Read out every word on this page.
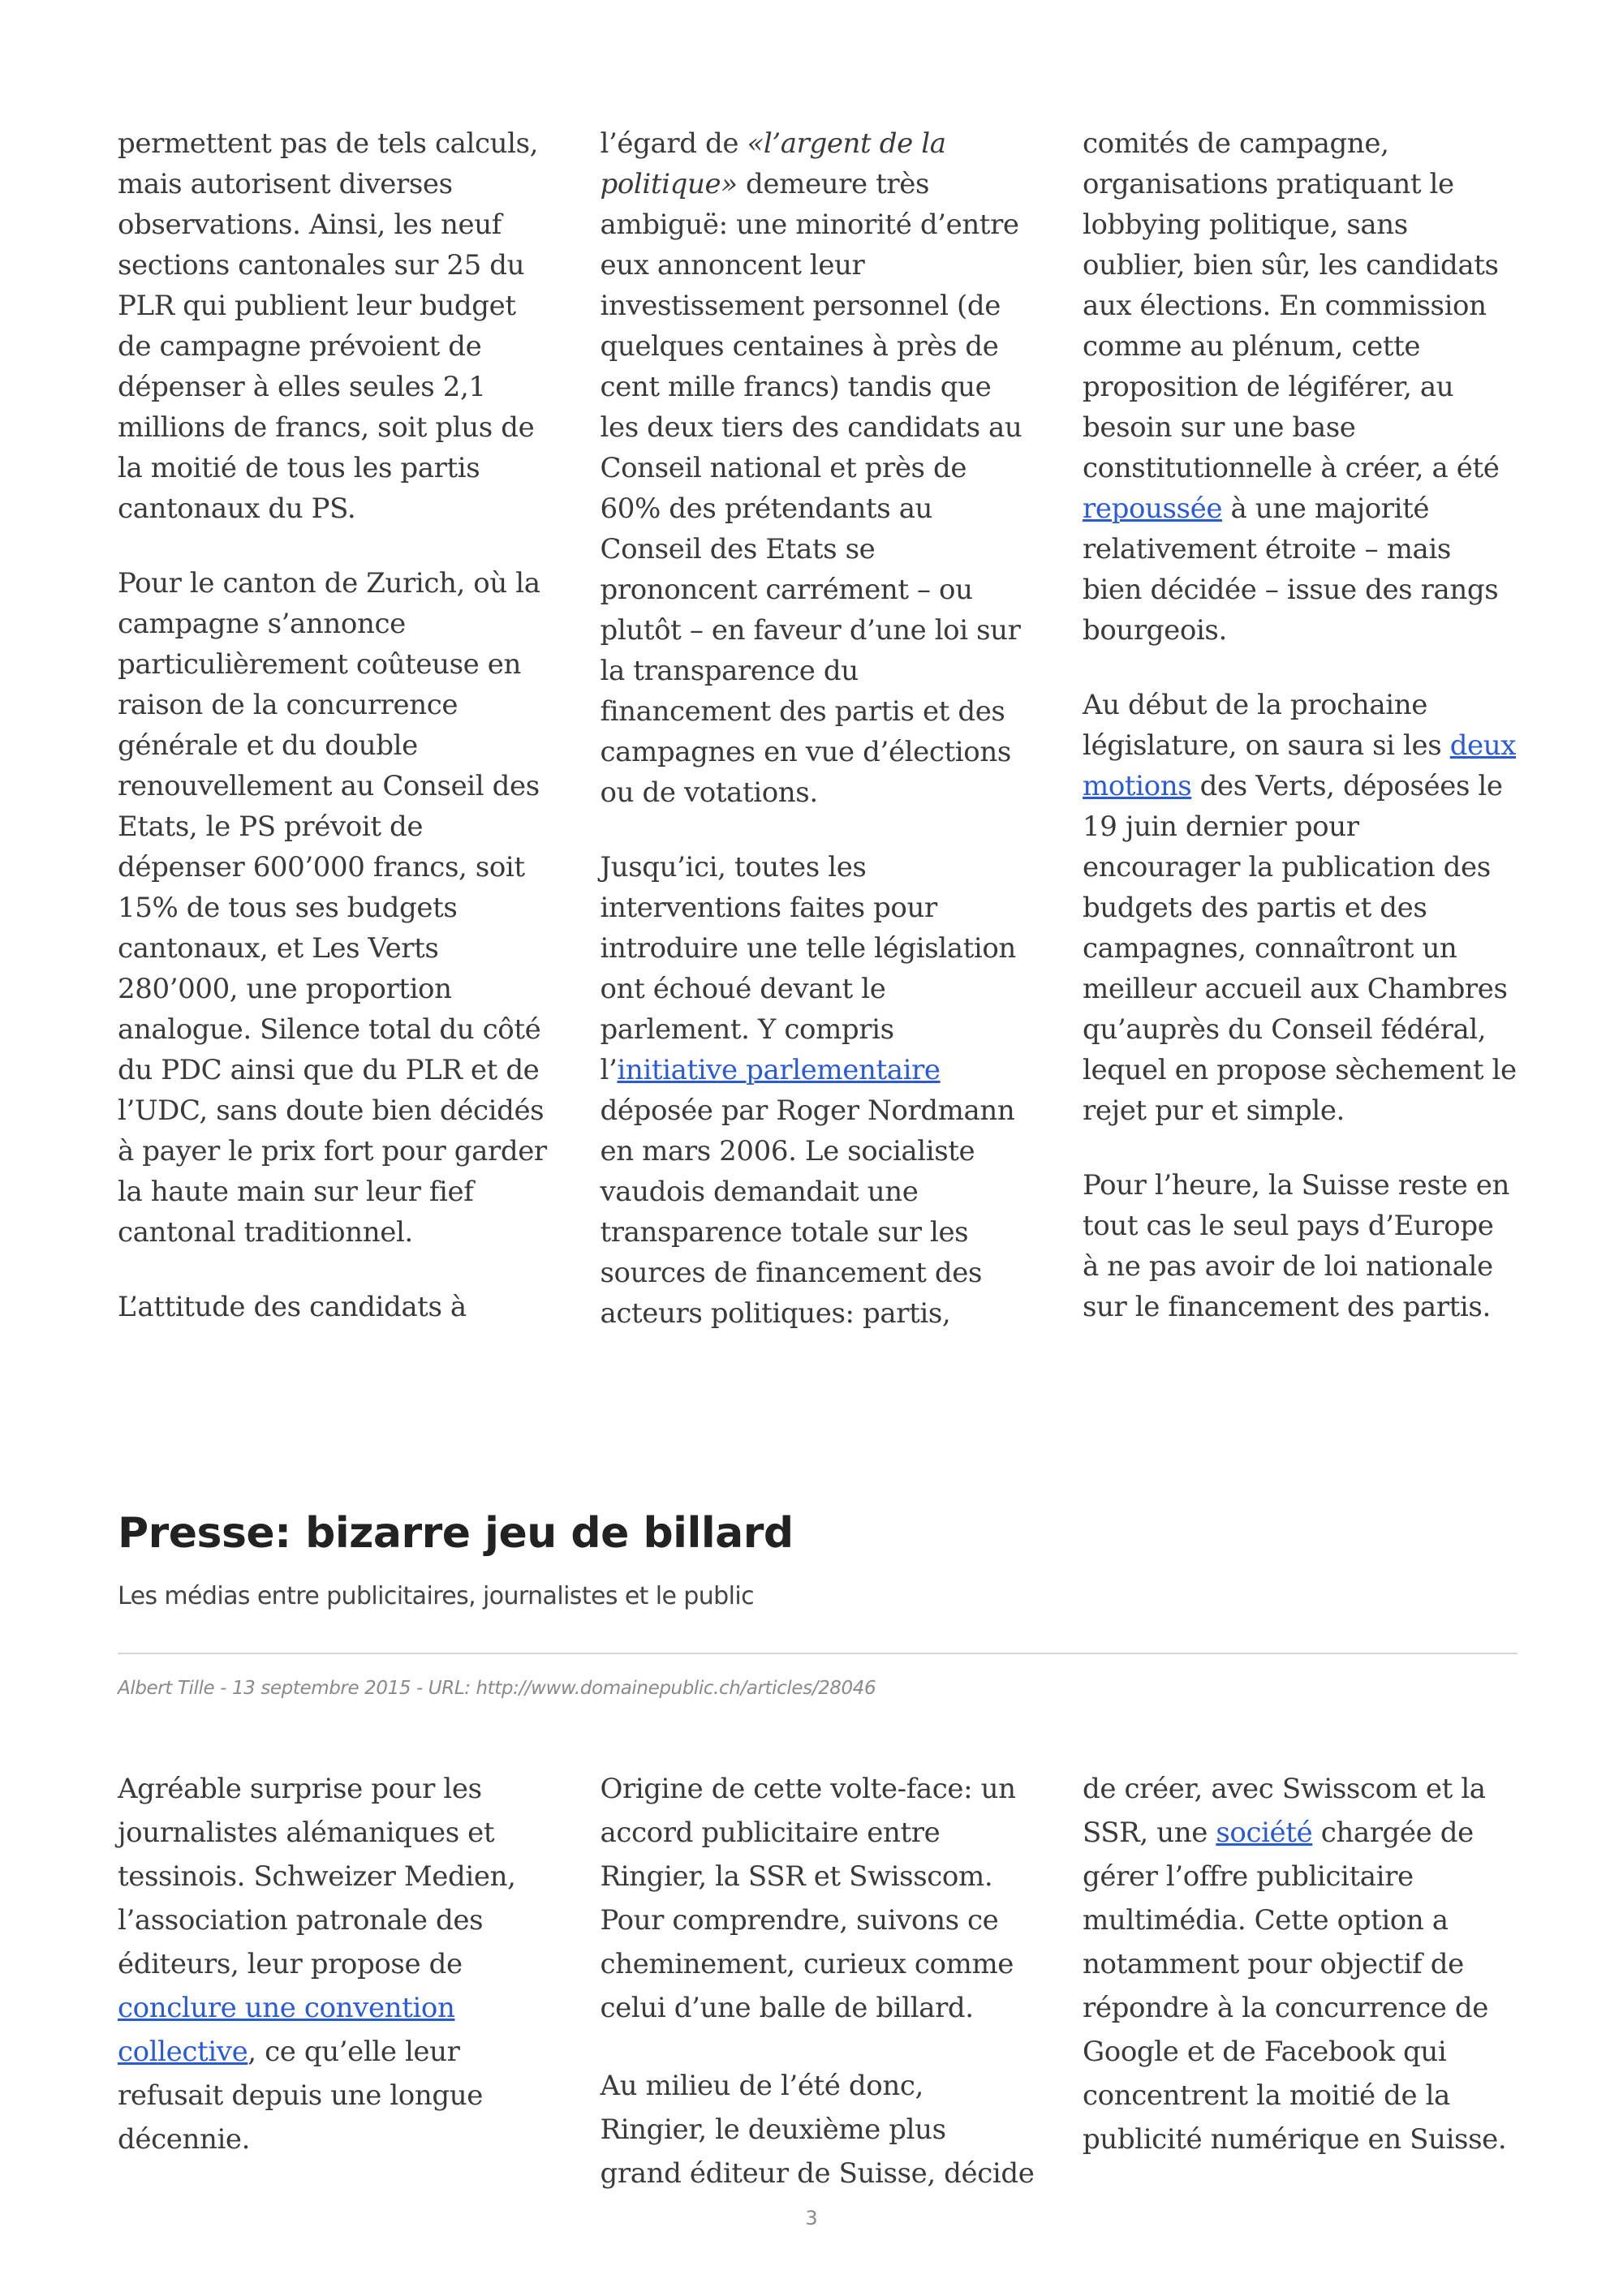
permettent pas de tels calculs, mais autorisent diverses observations. Ainsi, les neuf sections cantonales sur 25 du PLR qui publient leur budget de campagne prévoient de dépenser à elles seules 2,1 millions de francs, soit plus de la moitié de tous les partis cantonaux du PS.

Pour le canton de Zurich, où la campagne s’annonce particulièrement coûteuse en raison de la concurrence générale et du double renouvellement au Conseil des Etats, le PS prévoit de dépenser 600’000 francs, soit 15% de tous ses budgets cantonaux, et Les Verts 280’000, une proportion analogue. Silence total du côté du PDC ainsi que du PLR et de l’UDC, sans doute bien décidés à payer le prix fort pour garder la haute main sur leur fief cantonal traditionnel.

L’attitude des candidats à

l’égard de «l’argent de la politique» demeure très ambiguë: une minorité d’entre eux annoncent leur investissement personnel (de quelques centaines à près de cent mille francs) tandis que les deux tiers des candidats au Conseil national et près de 60% des prétendants au Conseil des Etats se prononcent carrément – ou plutôt – en faveur d’une loi sur la transparence du financement des partis et des campagnes en vue d’élections ou de votations.

Jusqu’ici, toutes les interventions faites pour introduire une telle législation ont échoué devant le parlement. Y compris l’initiative parlementaire déposée par Roger Nordmann en mars 2006. Le socialiste vaudois demandait une transparence totale sur les sources de financement des acteurs politiques: partis,

comités de campagne, organisations pratiquant le lobbying politique, sans oublier, bien sûr, les candidats aux élections. En commission comme au plénum, cette proposition de légiférer, au besoin sur une base constitutionnelle à créer, a été repoussée à une majorité relativement étroite – mais bien décidée – issue des rangs bourgeois.

Au début de la prochaine législature, on saura si les deux motions des Verts, déposées le 19 juin dernier pour encourager la publication des budgets des partis et des campagnes, connaîtront un meilleur accueil aux Chambres qu’auprès du Conseil fédéral, lequel en propose sèchement le rejet pur et simple.

Pour l’heure, la Suisse reste en tout cas le seul pays d’Europe à ne pas avoir de loi nationale sur le financement des partis.

Presse: bizarre jeu de billard

Les médias entre publicitaires, journalistes et le public

Albert Tille - 13 septembre 2015 - URL: http://www.domainepublic.ch/articles/28046

Agréable surprise pour les journalistes alémaniques et tessinois. Schweizer Medien, l’association patronale des éditeurs, leur propose de conclure une convention collective, ce qu’elle leur refusait depuis une longue décennie.

Origine de cette volte-face: un accord publicitaire entre Ringier, la SSR et Swisscom. Pour comprendre, suivons ce cheminement, curieux comme celui d’une balle de billard.

Au milieu de l’été donc, Ringier, le deuxième plus grand éditeur de Suisse, décide

de créer, avec Swisscom et la SSR, une société chargée de gérer l’offre publicitaire multimédia. Cette option a notamment pour objectif de répondre à la concurrence de Google et de Facebook qui concentrent la moitié de la publicité numérique en Suisse.

3
